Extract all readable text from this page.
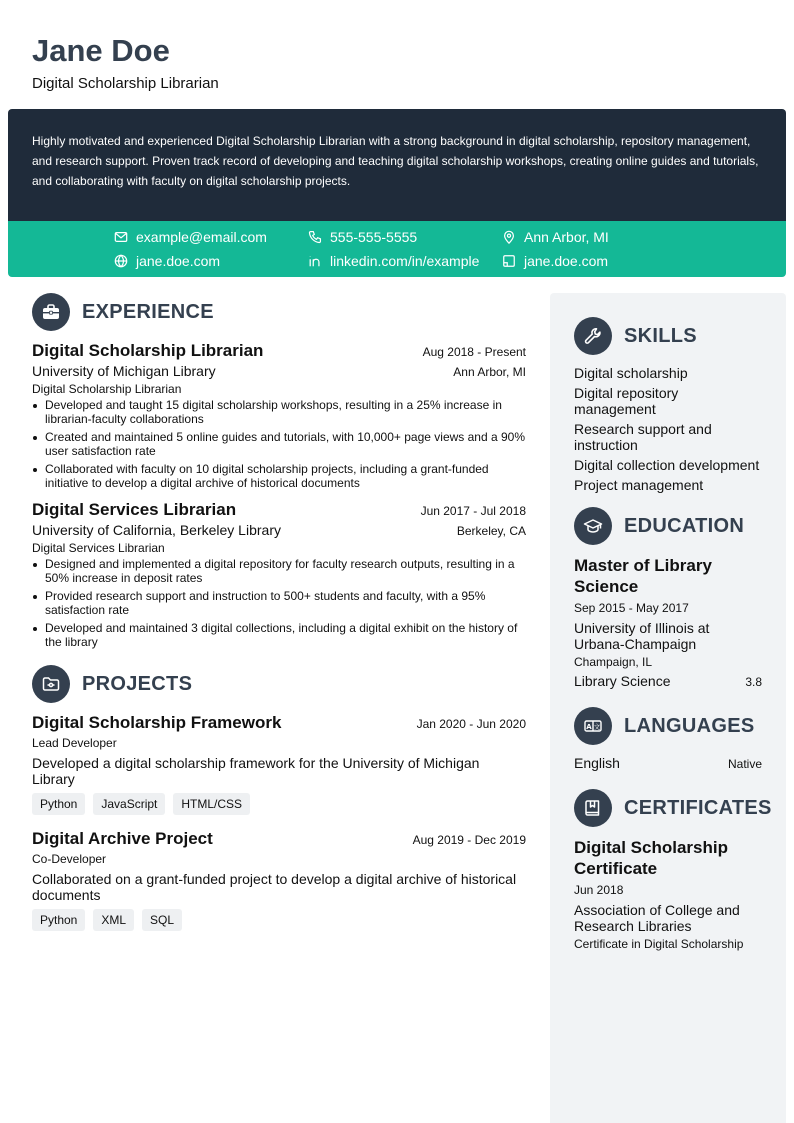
Jane Doe
Digital Scholarship Librarian
Highly motivated and experienced Digital Scholarship Librarian with a strong background in digital scholarship, repository management, and research support. Proven track record of developing and teaching digital scholarship workshops, creating online guides and tutorials, and collaborating with faculty on digital scholarship projects.
example@email.com	555-555-5555	Ann Arbor, MI
jane.doe.com	linkedin.com/in/example	jane.doe.com
EXPERIENCE
Digital Scholarship Librarian	Aug 2018 - Present
University of Michigan Library	Ann Arbor, MI
Digital Scholarship Librarian
Developed and taught 15 digital scholarship workshops, resulting in a 25% increase in librarian-faculty collaborations
Created and maintained 5 online guides and tutorials, with 10,000+ page views and a 90% user satisfaction rate
Collaborated with faculty on 10 digital scholarship projects, including a grant-funded initiative to develop a digital archive of historical documents
Digital Services Librarian	Jun 2017 - Jul 2018
University of California, Berkeley Library	Berkeley, CA
Digital Services Librarian
Designed and implemented a digital repository for faculty research outputs, resulting in a 50% increase in deposit rates
Provided research support and instruction to 500+ students and faculty, with a 95% satisfaction rate
Developed and maintained 3 digital collections, including a digital exhibit on the history of the library
PROJECTS
Digital Scholarship Framework	Jan 2020 - Jun 2020
Lead Developer
Developed a digital scholarship framework for the University of Michigan Library
Python	JavaScript	HTML/CSS
Digital Archive Project	Aug 2019 - Dec 2019
Co-Developer
Collaborated on a grant-funded project to develop a digital archive of historical documents
Python	XML	SQL
SKILLS
Digital scholarship
Digital repository management
Research support and instruction
Digital collection development
Project management
EDUCATION
Master of Library Science
Sep 2015 - May 2017
University of Illinois at Urbana-Champaign
Champaign, IL
Library Science	3.8
A 文 LANGUAGES
English	Native
CERTIFICATES
Digital Scholarship Certificate
Jun 2018
Association of College and Research Libraries
Certificate in Digital Scholarship
